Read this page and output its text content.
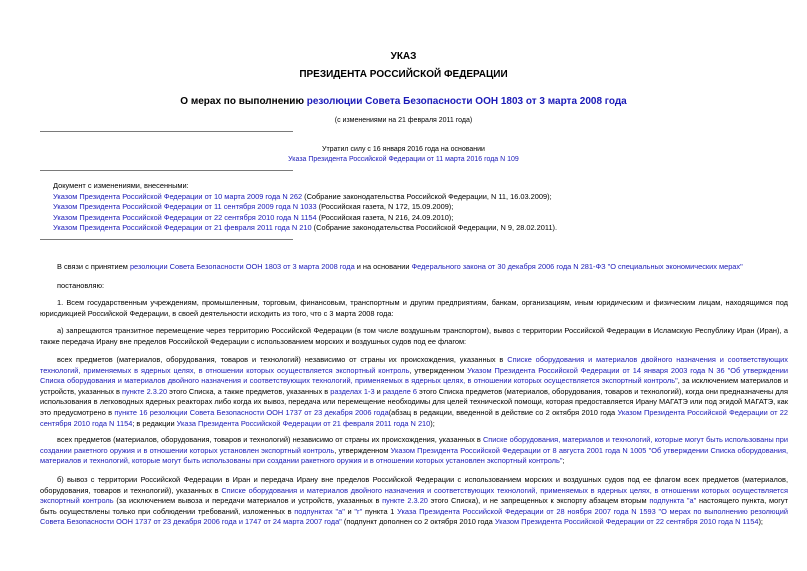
УКАЗ
ПРЕЗИДЕНТА РОССИЙСКОЙ ФЕДЕРАЦИИ
О мерах по выполнению резолюции Совета Безопасности ООН 1803 от 3 марта 2008 года
(с изменениями на 21 февраля 2011 года)
Утратил силу с 16 января 2016 года на основании
Указа Президента Российской Федерации от 11 марта 2016 года N 109
Документ с изменениями, внесенными:
Указом Президента Российской Федерации от 10 марта 2009 года N 262 (Собрание законодательства Российской Федерации, N 11, 16.03.2009);
Указом Президента Российской Федерации от 11 сентября 2009 года N 1033 (Российская газета, N 172, 15.09.2009);
Указом Президента Российской Федерации от 22 сентября 2010 года N 1154 (Российская газета, N 216, 24.09.2010);
Указом Президента Российской Федерации от 21 февраля 2011 года N 210 (Собрание законодательства Российской Федерации, N 9, 28.02.2011).
В связи с принятием резолюции Совета Безопасности ООН 1803 от 3 марта 2008 года и на основании Федерального закона от 30 декабря 2006 года N 281-ФЗ "О специальных экономических мерах"
постановляю:
1. Всем государственным учреждениям, промышленным, торговым, финансовым, транспортным и другим предприятиям, банкам, организациям, иным юридическим и физическим лицам, находящимся под юрисдикцией Российской Федерации, в своей деятельности исходить из того, что с 3 марта 2008 года:
а) запрещаются транзитное перемещение через территорию Российской Федерации (в том числе воздушным транспортом), вывоз с территории Российской Федерации в Исламскую Республику Иран (Иран), а также передача Ирану вне пределов Российской Федерации с использованием морских и воздушных судов под ее флагом:
всех предметов (материалов, оборудования, товаров и технологий) независимо от страны их происхождения, указанных в Списке оборудования и материалов двойного назначения и соответствующих технологий, применяемых в ядерных целях, в отношении которых осуществляется экспортный контроль, утвержденном Указом Президента Российской Федерации от 14 января 2003 года N 36 "Об утверждении Списка оборудования и материалов двойного назначения и соответствующих технологий, применяемых в ядерных целях, в отношении которых осуществляется экспортный контроль", за исключением материалов и устройств, указанных в пункте 2.3.20 этого Списка, а также предметов, указанных в разделах 1-3 и разделе 6 этого Списка предметов (материалов, оборудования, товаров и технологий), когда они предназначены для использования в легководных ядерных реакторах либо когда их вывоз, передача или перемещение необходимы для целей технической помощи, которая предоставляется Ирану МАГАТЭ или под эгидой МАГАТЭ, как это предусмотрено в пункте 16 резолюции Совета Безопасности ООН 1737 от 23 декабря 2006 года(абзац в редакции, введенной в действие со 2 октября 2010 года Указом Президента Российской Федерации от 22 сентября 2010 года N 1154; в редакции Указа Президента Российской Федерации от 21 февраля 2011 года N 210);
всех предметов (материалов, оборудования, товаров и технологий) независимо от страны их происхождения, указанных в Списке оборудования, материалов и технологий, которые могут быть использованы при создании ракетного оружия и в отношении которых установлен экспортный контроль, утвержденном Указом Президента Российской Федерации от 8 августа 2001 года N 1005 "Об утверждении Списка оборудования, материалов и технологий, которые могут быть использованы при создании ракетного оружия и в отношении которых установлен экспортный контроль";
б) вывоз с территории Российской Федерации в Иран и передача Ирану вне пределов Российской Федерации с использованием морских и воздушных судов под ее флагом всех предметов (материалов, оборудования, товаров и технологий), указанных в Списке оборудования и материалов двойного назначения и соответствующих технологий, применяемых в ядерных целях, в отношении которых осуществляется экспортный контроль (за исключением вывоза и передачи материалов и устройств, указанных в пункте 2.3.20 этого Списка), и не запрещенных к экспорту абзацем вторым подпункта "а" настоящего пункта, могут быть осуществлены только при соблюдении требований, изложенных в подпунктах "а" и "г" пункта 1 Указа Президента Российской Федерации от 28 ноября 2007 года N 1593 "О мерах по выполнению резолюций Совета Безопасности ООН 1737 от 23 декабря 2006 года и 1747 от 24 марта 2007 года" (подпункт дополнен со 2 октября 2010 года Указом Президента Российской Федерации от 22 сентября 2010 года N 1154);
